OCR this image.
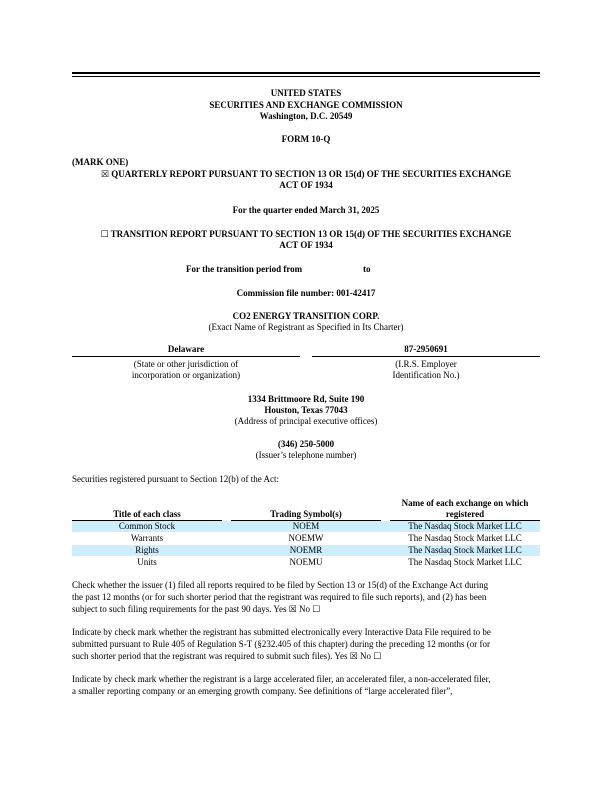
UNITED STATES
SECURITIES AND EXCHANGE COMMISSION
Washington, D.C. 20549
FORM 10-Q
(MARK ONE)
☒ QUARTERLY REPORT PURSUANT TO SECTION 13 OR 15(d) OF THE SECURITIES EXCHANGE
ACT OF 1934
For the quarter ended March 31, 2025
☐ TRANSITION REPORT PURSUANT TO SECTION 13 OR 15(d) OF THE SECURITIES EXCHANGE
ACT OF 1934
For the transition period from	to
Commission file number: 001-42417
CO2 ENERGY TRANSITION CORP.
(Exact Name of Registrant as Specified in Its Charter)
Delaware
(State or other jurisdiction of
incorporation or organization)
87-2950691
(I.R.S. Employer
Identification No.)
1334 Brittmoore Rd, Suite 190
Houston, Texas 77043
(Address of principal executive offices)
(346) 250-5000
(Issuer’s telephone number)
Securities registered pursuant to Section 12(b) of the Act:
Name of each exchange on which
Title of each class	Trading Symbol(s)	registered
Common Stock	NOEM	The Nasdaq Stock Market LLC
Warrants	NOEMW	The Nasdaq Stock Market LLC
Rights	NOEMR	The Nasdaq Stock Market LLC
Units	NOEMU	The Nasdaq Stock Market LLC
Check whether the issuer (1) filed all reports required to be filed by Section 13 or 15(d) of the Exchange Act during
the past 12 months (or for such shorter period that the registrant was required to file such reports), and (2) has been
subject to such filing requirements for the past 90 days. Yes ☒ No ☐
Indicate by check mark whether the registrant has submitted electronically every Interactive Data File required to be
submitted pursuant to Rule 405 of Regulation S-T (§232.405 of this chapter) during the preceding 12 months (or for
such shorter period that the registrant was required to submit such files). Yes ☒ No ☐
Indicate by check mark whether the registrant is a large accelerated filer, an accelerated filer, a non-accelerated filer,
a smaller reporting company or an emerging growth company. See definitions of “large accelerated filer”,
